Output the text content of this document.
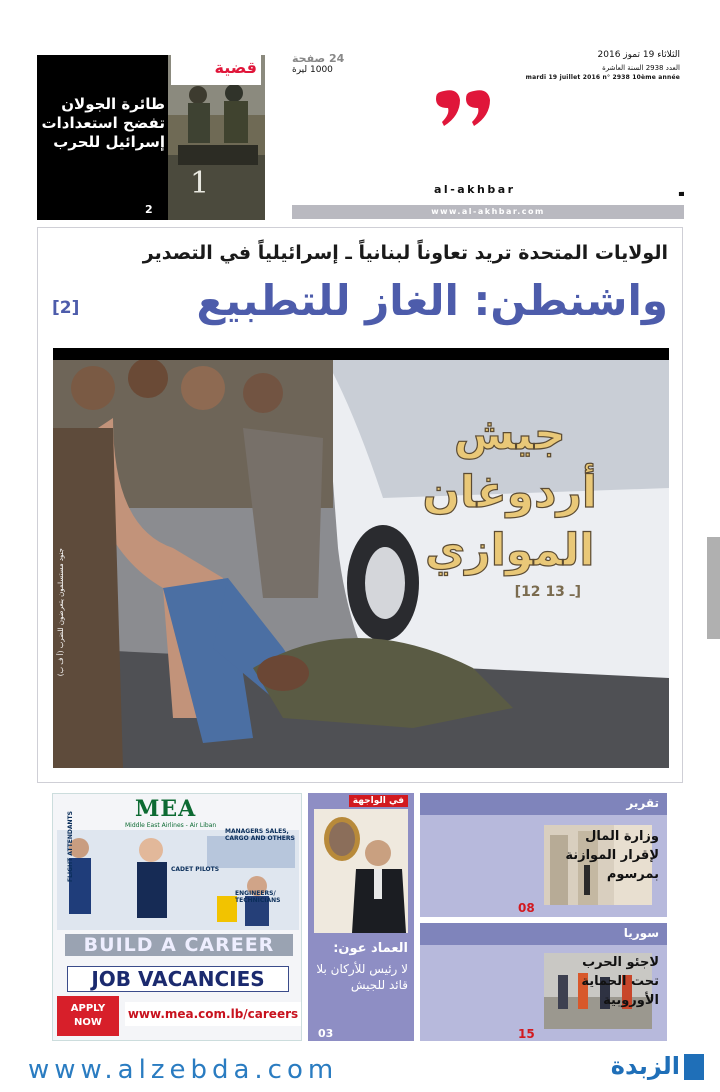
الثلاثاء 19 تموز 2016
العدد 2938 السنة العاشرة
mardi 19 juillet 2016 n° 2938 10ème année
24 صفحة
1000 ليرة
al-akhbar
www.al-akhbar.com
1
قضية
طائرة الجولان تفضح استعدادات إسرائيل للحرب
2
الولايات المتحدة تريد تعاوناً لبنانياً ـ إسرائيلياً في التصدير
واشنطن: الغاز للتطبيع
[2]
جيش
أردوغان
الموازي
[12 ـ 13]
جنود مستسلمون يتعرضون للضرب (أ ف ب)
MEA
Middle East Airlines - Air Liban
FLIGHT ATTENDANTS	CADET PILOTS
MANAGERS SALES, CARGO AND OTHERS
ENGINEERS/ TECHNICIANS
BUILD A CAREER
JOB VACANCIES
APPLY NOW
www.mea.com.lb/careers
في الواجهة
العماد عون:
لا رئيس للأركان بلا قائد للجيش
03
تقرير
وزارة المال لإقرار الموازنة بمرسوم
08
سوريا
لاجئو الحرب تحت الحماية الأوروبية
15
www.alzebda.com	الزبدة
